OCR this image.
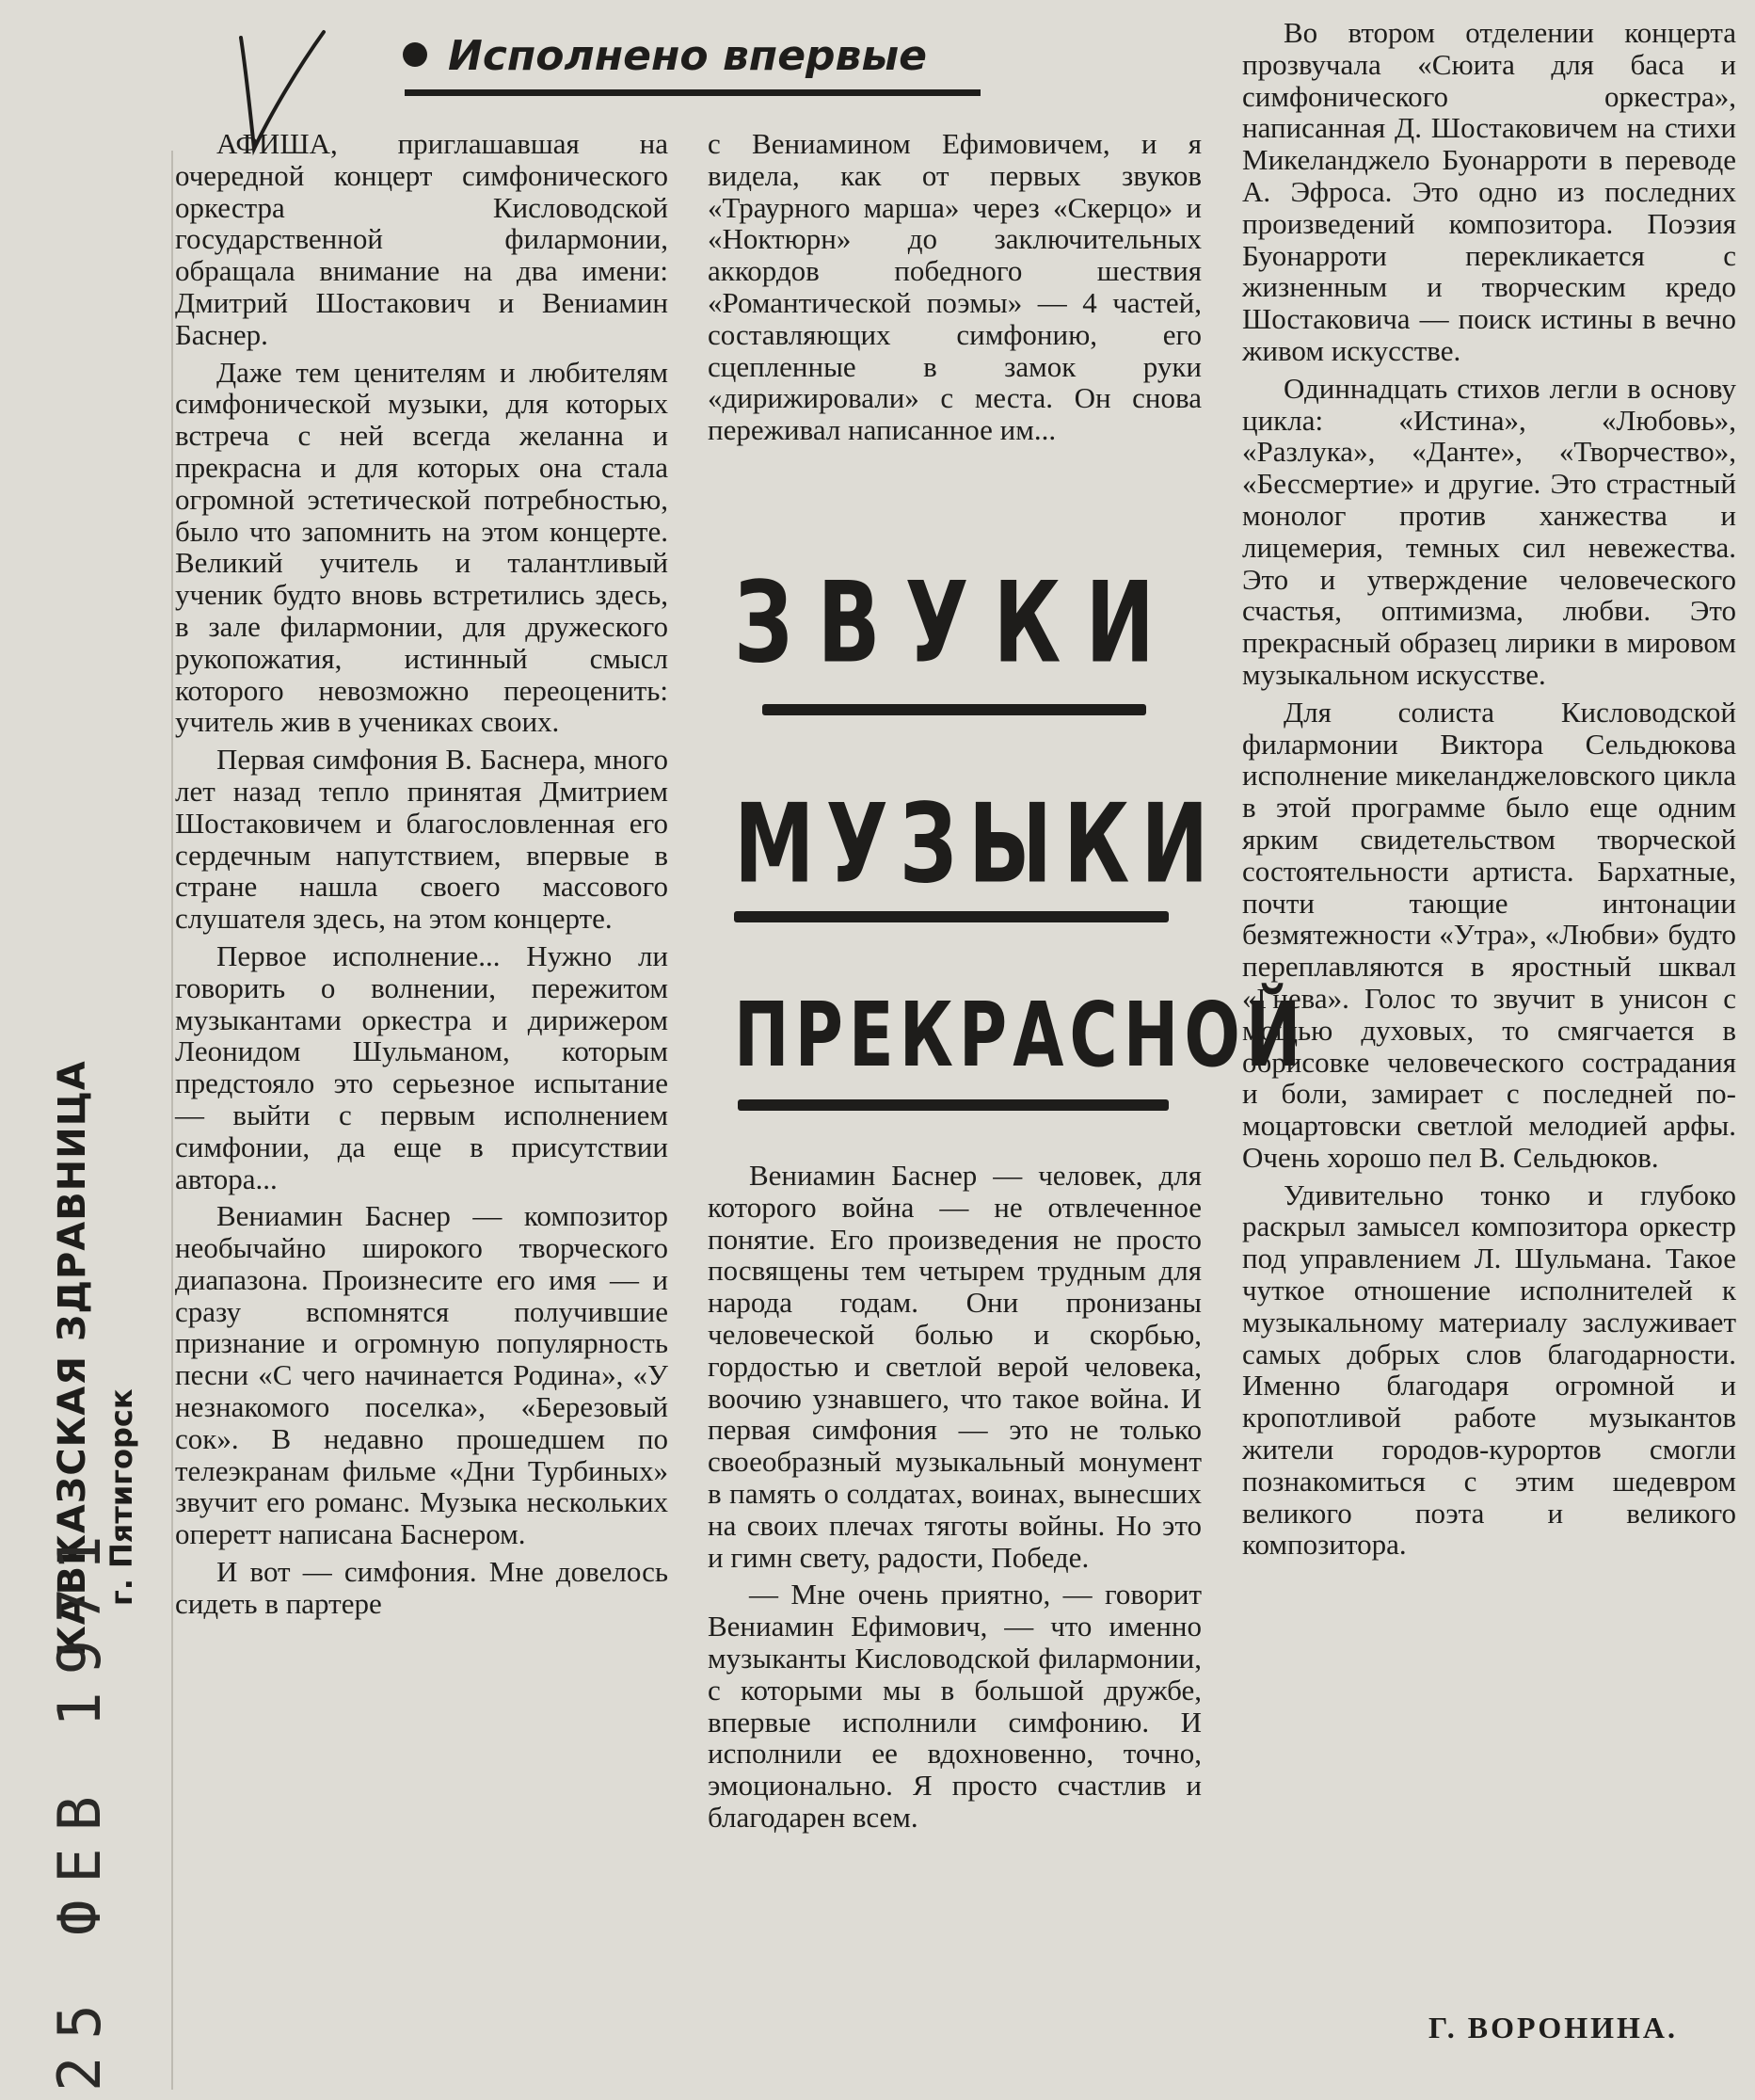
Исполнено впервые

АФИША, приглашавшая на очередной концерт симфонического оркестра Кисловодской государственной филармонии, обращала внимание на два имени: Дмитрий Шостакович и Вениамин Баснер.

Даже тем ценителям и любителям симфонической музыки, для которых встреча с ней всегда желанна и прекрасна и для которых она стала огромной эстетической потребностью, было что запомнить на этом концерте. Великий учитель и талантливый ученик будто вновь встретились здесь, в зале филармонии, для дружеского рукопожатия, истинный смысл которого невозможно переоценить: учитель жив в учениках своих.

Первая симфония В. Баснера, много лет назад тепло принятая Дмитрием Шостаковичем и благословленная его сердечным напутствием, впервые в стране нашла своего массового слушателя здесь, на этом концерте.

Первое исполнение... Нужно ли говорить о волнении, пережитом музыкантами оркестра и дирижером Леонидом Шульманом, которым предстояло это серьезное испытание — выйти с первым исполнением симфонии, да еще в присутствии автора...

Вениамин Баснер — композитор необычайно широкого творческого диапазона. Произнесите его имя — и сразу вспомнятся получившие признание и огромную популярность песни «С чего начинается Родина», «У незнакомого поселка», «Березовый сок». В недавно прошедшем по телеэкранам фильме «Дни Турбиных» звучит его романс. Музыка нескольких оперетт написана Баснером.

И вот — симфония. Мне довелось сидеть в партере

с Вениамином Ефимовичем, и я видела, как от первых звуков «Траурного марша» через «Скерцо» и «Ноктюрн» до заключительных аккордов победного шествия «Романтической поэмы» — 4 частей, составляющих симфонию, его сцепленные в замок руки «дирижировали» с места. Он снова переживал написанное им...

ЗВУКИ
МУЗЫКИ
ПРЕКРАСНОЙ

Вениамин Баснер — человек, для которого война — не отвлеченное понятие. Его произведения не просто посвящены тем четырем трудным для народа годам. Они пронизаны человеческой болью и скорбью, гордостью и светлой верой человека, воочию узнавшего, что такое война. И первая симфония — это не только своеобразный музыкальный монумент в память о солдатах, воинах, вынесших на своих плечах тяготы войны. Но это и гимн свету, радости, Победе.

— Мне очень приятно, — говорит Вениамин Ефимович, — что именно музыканты Кисловодской филармонии, с которыми мы в большой дружбе, впервые исполнили симфонию. И исполнили ее вдохновенно, точно, эмоционально. Я просто счастлив и благодарен всем.

Во втором отделении концерта прозвучала «Сюита для баса и симфонического оркестра», написанная Д. Шостаковичем на стихи Микеланджело Буонарроти в переводе А. Эфроса. Это одно из последних произведений композитора. Поэзия Буонарроти перекликается с жизненным и творческим кредо Шостаковича — поиск истины в вечно живом искусстве.

Одиннадцать стихов легли в основу цикла: «Истина», «Любовь», «Разлука», «Данте», «Творчество», «Бессмертие» и другие. Это страстный монолог против ханжества и лицемерия, темных сил невежества. Это и утверждение человеческого счастья, оптимизма, любви. Это прекрасный образец лирики в мировом музыкальном искусстве.

Для солиста Кисловодской филармонии Виктора Сельдюкова исполнение микеланджеловского цикла в этой программе было еще одним ярким свидетельством творческой состоятельности артиста. Бархатные, почти тающие интонации безмятежности «Утра», «Любви» будто переплавляются в яростный шквал «Гнева». Голос то звучит в унисон с мощью духовых, то смягчается в обрисовке человеческого сострадания и боли, замирает с последней по-моцартовски светлой мелодией арфы. Очень хорошо пел В. Сельдюков.

Удивительно тонко и глубоко раскрыл замысел композитора оркестр под управлением Л. Шульмана. Такое чуткое отношение исполнителей к музыкальному материалу заслуживает самых добрых слов благодарности. Именно благодаря огромной и кропотливой работе музыкантов жители городов-курортов смогли познакомиться с этим шедевром великого поэта и великого композитора.

Г. ВОРОНИНА.
КАВКАЗСКАЯ ЗДРАВНИЦА г. Пятигорск
25 ФЕВ 1971
